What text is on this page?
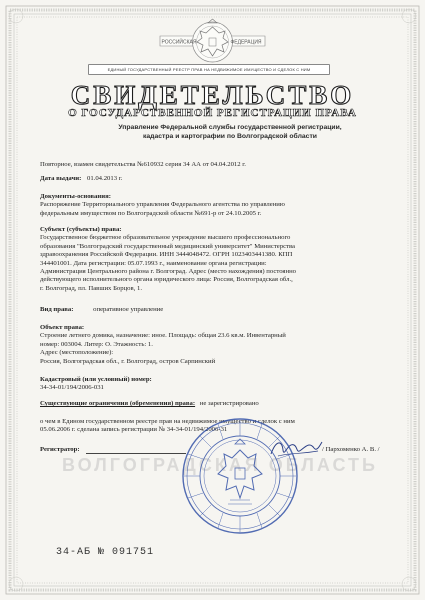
РОССИЙСКАЯ	ФЕДЕРАЦИЯ
ЕДИНЫЙ ГОСУДАРСТВЕННЫЙ РЕЕСТР ПРАВ НА НЕДВИЖИМОЕ ИМУЩЕСТВО И СДЕЛОК С НИМ
СВИДЕТЕЛЬСТВО
О ГОСУДАРСТВЕННОЙ РЕГИСТРАЦИИ ПРАВА
Управление Федеральной службы государственной регистрации,
кадастра и картографии по Волгоградской области
ВОЛГОГРАДСКАЯ ОБЛАСТЬ
Повторное, взамен свидетельства №610932 серия 34 АА от 04.04.2012 г.
Дата выдачи: 01.04.2013 г.
Документы-основания:
Распоряжение Территориального управления Федерального агентства по управлению
федеральным имуществом по Волгоградской области №691-р от 24.10.2005 г.
Субъект (субъекты) права:
Государственное бюджетное образовательное учреждение высшего профессионального
образования "Волгоградский государственный медицинский университет" Министерства
здравоохранения Российской Федерации. ИНН 3444048472. ОГРН 1023403441380. КПП
344401001. Дата регистрации: 05.07.1993 г., наименование органа регистрации:
Администрация Центрального района г. Волгоград. Адрес (место нахождения) постоянно
действующего исполнительного органа юридического лица: Россия, Волгоградская обл.,
г. Волгоград, пл. Павших Борцов, 1.
Вид права:	оперативное управление
Объект права:
Строение летнего домика, назначение: иное. Площадь: общая 23.6 кв.м. Инвентарный
номер: 003004. Литер: О. Этажность: 1.
Адрес (местоположение):
Россия, Волгоградская обл., г. Волгоград, остров Сарпинский
Кадастровый (или условный) номер:
34-34-01/194/2006-031
Существующие ограничения (обременения) права: не зарегистрировано
о чем в Едином государственном реестре прав на недвижимое имущество и сделок с ним
05.06.2006 г. сделана запись регистрации № 34-34-01/194/2006-31
Регистратор:	/ Пархоменко А. В. /
34-АБ № 091751
